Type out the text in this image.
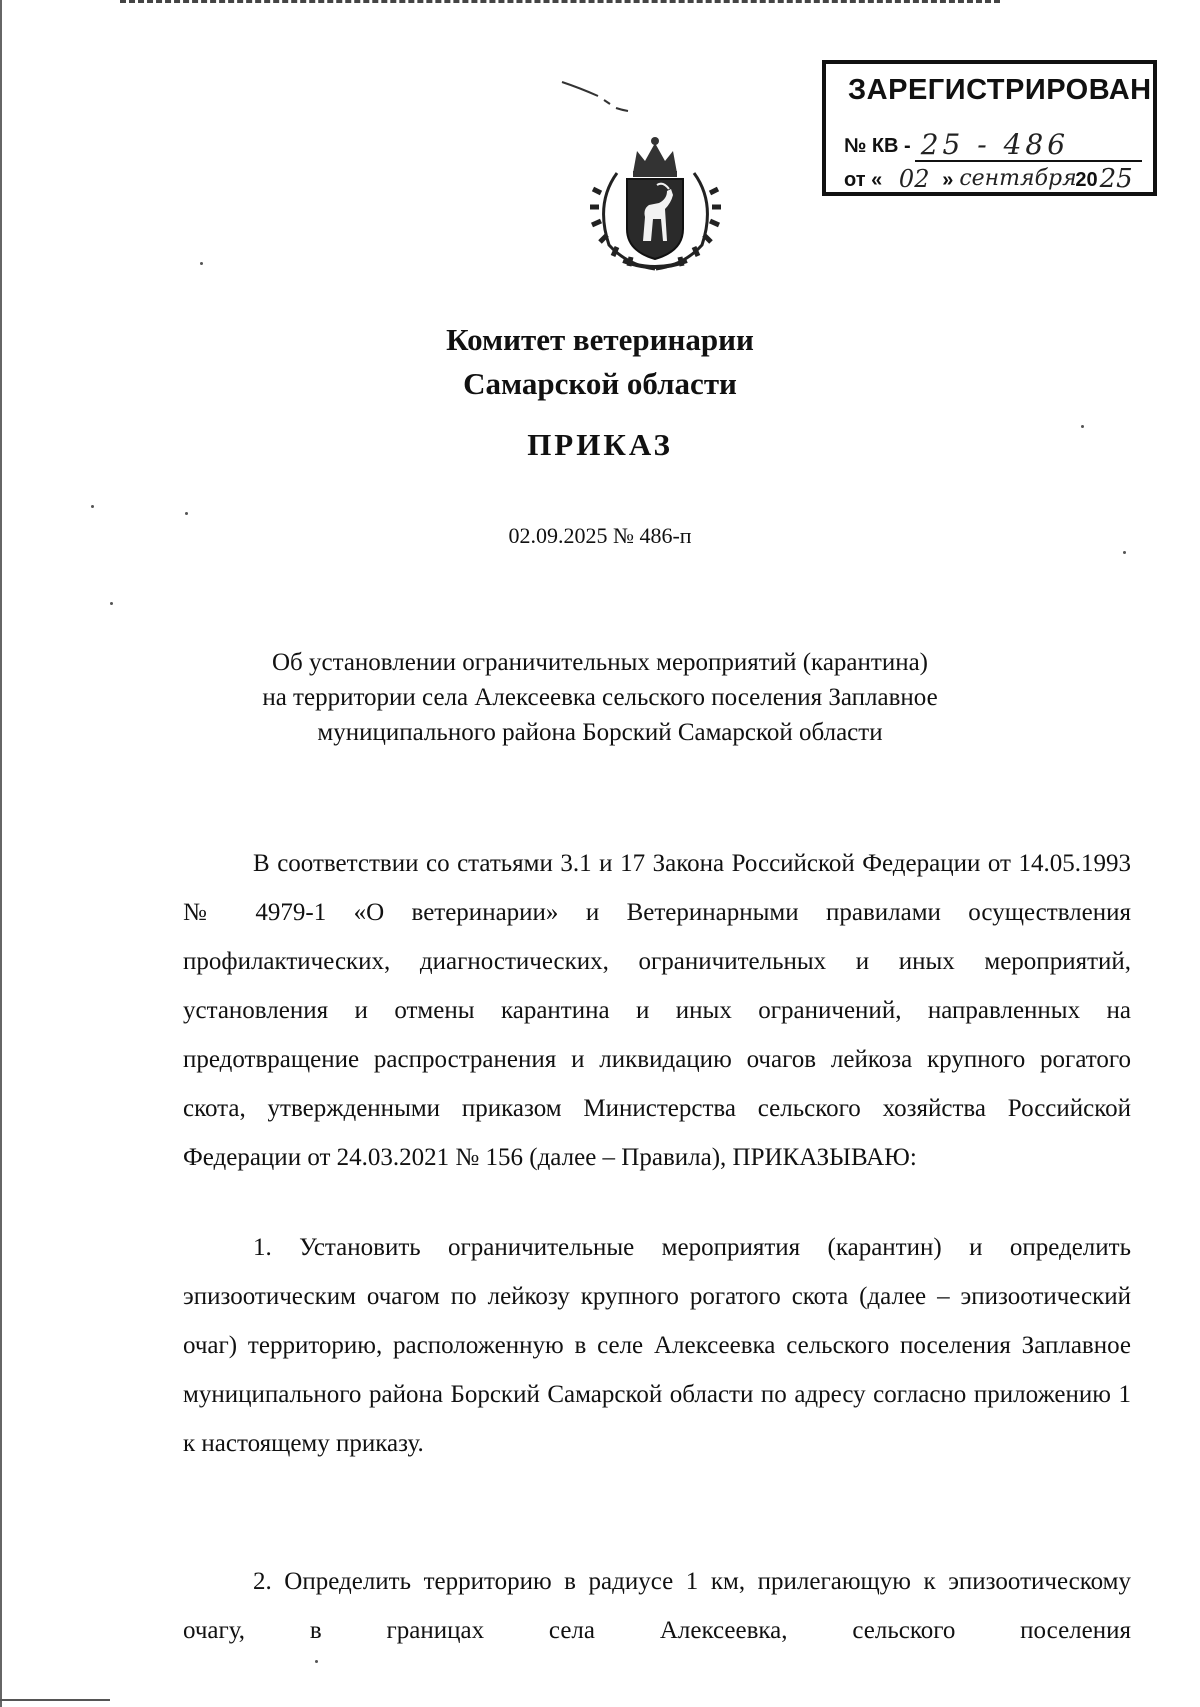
ЗАРЕГИСТРИРОВАН
№ КВ - 25 - 486
от « 02 » сентября
20 25
Комитет ветеринарии
Самарской области
ПРИКАЗ
02.09.2025 № 486-п
Об установлении ограничительных мероприятий (карантина)
на территории села Алексеевка сельского поселения Заплавное
муниципального района Борский Самарской области

В соответствии со статьями 3.1 и 17 Закона Российской Федерации от 14.05.1993 № 4979-1 «О ветеринарии» и Ветеринарными правилами осуществления профилактических, диагностических, ограничительных и иных мероприятий, установления и отмены карантина и иных ограничений, направленных на предотвращение распространения и ликвидацию очагов лейкоза крупного рогатого скота, утвержденными приказом Министерства сельского хозяйства Российской Федерации от 24.03.2021 № 156 (далее – Правила), ПРИКАЗЫВАЮ:

1. Установить ограничительные мероприятия (карантин) и определить эпизоотическим очагом по лейкозу крупного рогатого скота (далее – эпизоотический очаг) территорию, расположенную в селе Алексеевка сельского поселения Заплавное муниципального района Борский Самарской области по адресу согласно приложению 1 к настоящему приказу.

2. Определить территорию в радиусе 1 км, прилегающую к эпизоотическому очагу, в границах села Алексеевка, сельского поселения
